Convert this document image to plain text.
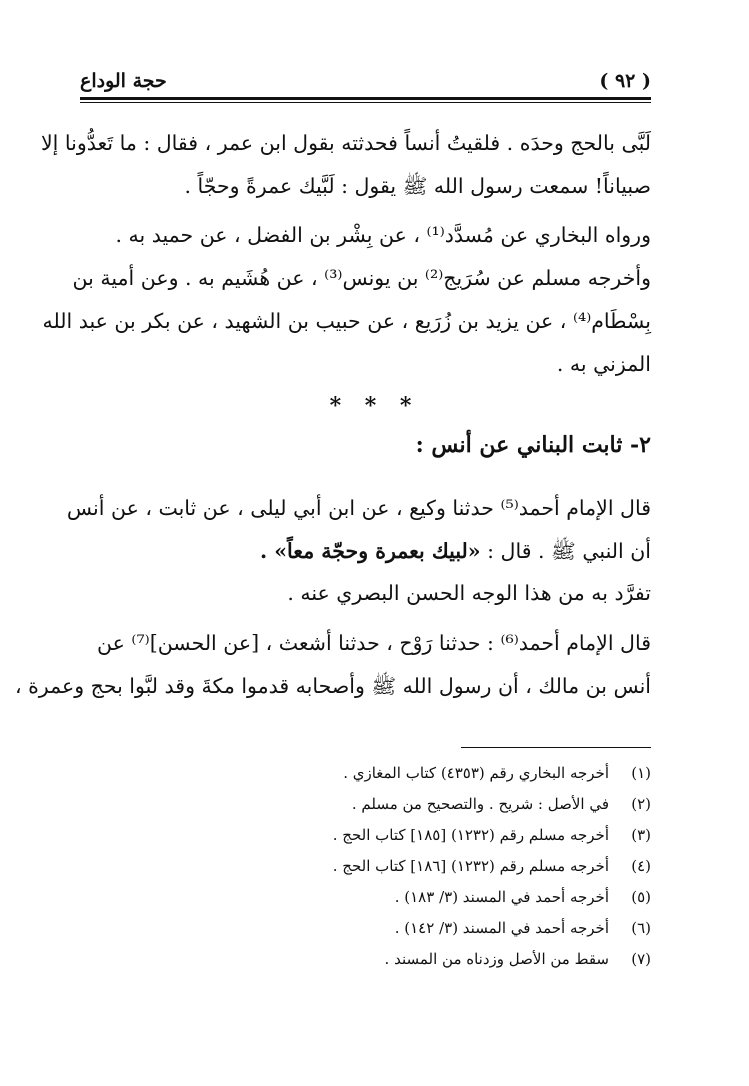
( ٩٢ )
حجة الوداع
لَبَّى بالحج وحدَه . فلقيتُ أنساً فحدثته بقول ابن عمر ، فقال : ما تَعدُّونا إلا
صبياناً! سمعت رسول الله ﷺ يقول : لَبَّيك عمرةً وحجّاً .
ورواه البخاري عن مُسدَّد⁽¹⁾ ، عن بِشْر بن الفضل ، عن حميد به .
وأخرجه مسلم عن سُرَيج⁽²⁾ بن يونس⁽³⁾ ، عن هُشَيم به . وعن أمية بن
بِسْطَام⁽⁴⁾ ، عن يزيد بن زُرَيع ، عن حبيب بن الشهيد ، عن بكر بن عبد الله
المزني به .
* * *
٢- ثابت البناني عن أنس :
قال الإمام أحمد⁽⁵⁾ حدثنا وكيع ، عن ابن أبي ليلى ، عن ثابت ، عن أنس
أن النبي ﷺ . قال : «لبيك بعمرة وحجّة معاً» .
تفرَّد به من هذا الوجه الحسن البصري عنه .
قال الإمام أحمد⁽⁶⁾ : حدثنا رَوْح ، حدثنا أشعث ، [عن الحسن]⁽⁷⁾ عن
أنس بن مالك ، أن رسول الله ﷺ وأصحابه قدموا مكةَ وقد لبَّوا بحج وعمرة ،
(١)
أخرجه البخاري رقم (٤٣٥٣) كتاب المغازي .
(٢)
في الأصل : شريح . والتصحيح من مسلم .
(٣)
أخرجه مسلم رقم (١٢٣٢) [١٨٥] كتاب الحج .
(٤)
أخرجه مسلم رقم (١٢٣٢) [١٨٦] كتاب الحج .
(٥)
أخرجه أحمد في المسند (٣/ ١٨٣) .
(٦)
أخرجه أحمد في المسند (٣/ ١٤٢) .
(٧)
سقط من الأصل وزدناه من المسند .
